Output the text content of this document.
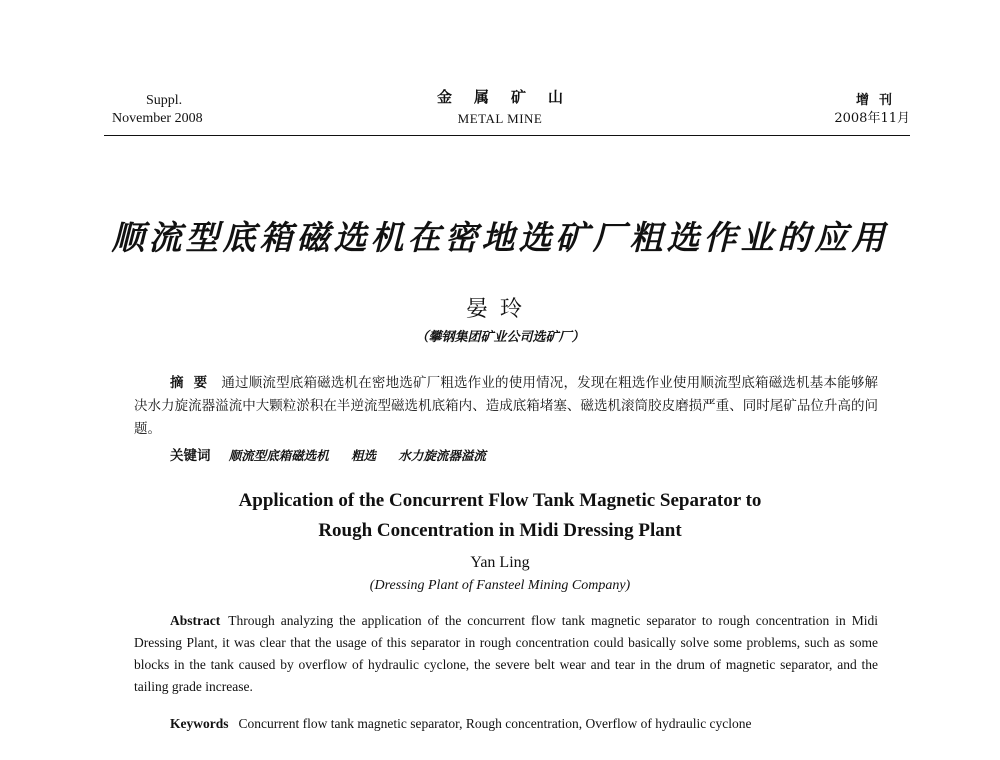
Suppl.
November 2008
金属矿山
METAL MINE
增刊
2008年11月
顺流型底箱磁选机在密地选矿厂粗选作业的应用
晏玲
（攀钢集团矿业公司选矿厂）
摘要 通过顺流型底箱磁选机在密地选矿厂粗选作业的使用情况，发现在粗选作业使用顺流型底箱磁选机基本能够解决水力旋流器溢流中大颗粒淤积在半逆流型磁选机底箱内、造成底箱堵塞、磁选机滚筒胶皮磨损严重、同时尾矿品位升高的问题。
关键词 顺流型底箱磁选机 粗选 水力旋流器溢流
Application of the Concurrent Flow Tank Magnetic Separator to
Rough Concentration in Midi Dressing Plant
Yan Ling
(Dressing Plant of Fansteel Mining Company)
Abstract Through analyzing the application of the concurrent flow tank magnetic separator to rough concentration in Midi Dressing Plant, it was clear that the usage of this separator in rough concentration could basically solve some problems, such as some blocks in the tank caused by overflow of hydraulic cyclone, the severe belt wear and tear in the drum of magnetic separator, and the tailing grade increase.
Keywords Concurrent flow tank magnetic separator, Rough concentration, Overflow of hydraulic cyclone
